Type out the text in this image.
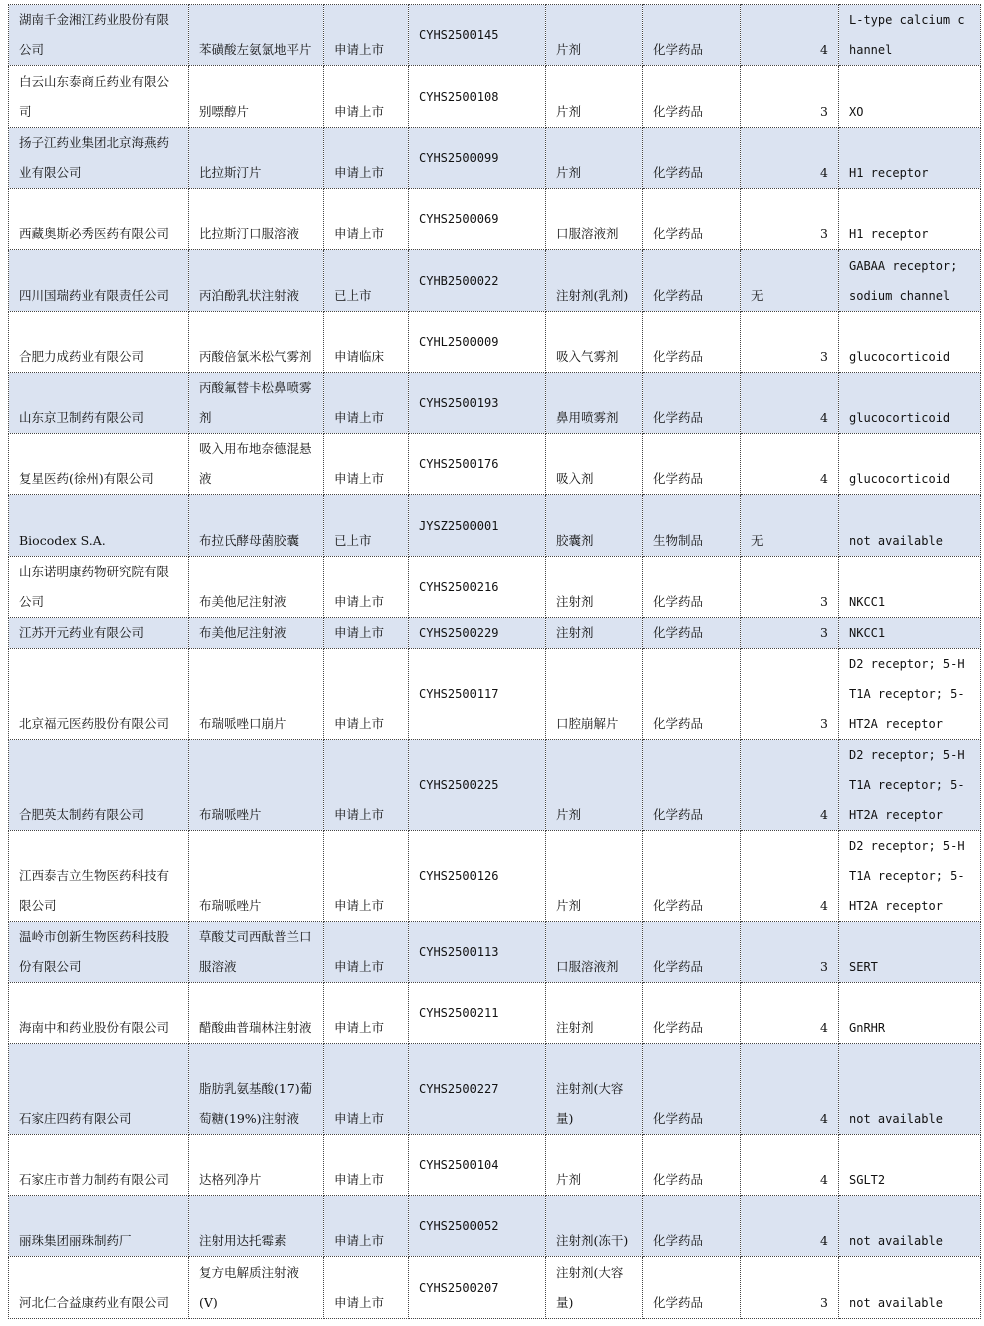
湖南千金湘江药业股份有限公司	苯磺酸左氨氯地平片	申请上市	CYHS2500145	片剂	化学药品	4	L-type calcium channel
白云山东泰商丘药业有限公司	别嘌醇片	申请上市	CYHS2500108	片剂	化学药品	3	XO
扬子江药业集团北京海燕药业有限公司	比拉斯汀片	申请上市	CYHS2500099	片剂	化学药品	4	H1 receptor
西藏奥斯必秀医药有限公司	比拉斯汀口服溶液	申请上市	CYHS2500069	口服溶液剂	化学药品	3	H1 receptor
四川国瑞药业有限责任公司	丙泊酚乳状注射液	已上市	CYHB2500022	注射剂(乳剂)	化学药品	无	GABAA receptor; sodium channel
合肥力成药业有限公司	丙酸倍氯米松气雾剂	申请临床	CYHL2500009	吸入气雾剂	化学药品	3	glucocorticoid
山东京卫制药有限公司	丙酸氟替卡松鼻喷雾剂	申请上市	CYHS2500193	鼻用喷雾剂	化学药品	4	glucocorticoid
复星医药(徐州)有限公司	吸入用布地奈德混悬液	申请上市	CYHS2500176	吸入剂	化学药品	4	glucocorticoid
Biocodex S.A.	布拉氏酵母菌胶囊	已上市	JYSZ2500001	胶囊剂	生物制品	无	not available
山东诺明康药物研究院有限公司	布美他尼注射液	申请上市	CYHS2500216	注射剂	化学药品	3	NKCC1
江苏开元药业有限公司	布美他尼注射液	申请上市	CYHS2500229	注射剂	化学药品	3	NKCC1
北京福元医药股份有限公司	布瑞哌唑口崩片	申请上市	CYHS2500117	口腔崩解片	化学药品	3	D2 receptor; 5-HT1A receptor; 5-HT2A receptor
合肥英太制药有限公司	布瑞哌唑片	申请上市	CYHS2500225	片剂	化学药品	4	D2 receptor; 5-HT1A receptor; 5-HT2A receptor
江西泰吉立生物医药科技有限公司	布瑞哌唑片	申请上市	CYHS2500126	片剂	化学药品	4	D2 receptor; 5-HT1A receptor; 5-HT2A receptor
温岭市创新生物医药科技股份有限公司	草酸艾司西酞普兰口服溶液	申请上市	CYHS2500113	口服溶液剂	化学药品	3	SERT
海南中和药业股份有限公司	醋酸曲普瑞林注射液	申请上市	CYHS2500211	注射剂	化学药品	4	GnRHR
石家庄四药有限公司	脂肪乳氨基酸(17)葡萄糖(19%)注射液	申请上市	CYHS2500227	注射剂(大容量)	化学药品	4	not available
石家庄市普力制药有限公司	达格列净片	申请上市	CYHS2500104	片剂	化学药品	4	SGLT2
丽珠集团丽珠制药厂	注射用达托霉素	申请上市	CYHS2500052	注射剂(冻干)	化学药品	4	not available
河北仁合益康药业有限公司	复方电解质注射液(V)	申请上市	CYHS2500207	注射剂(大容量)	化学药品	3	not available
